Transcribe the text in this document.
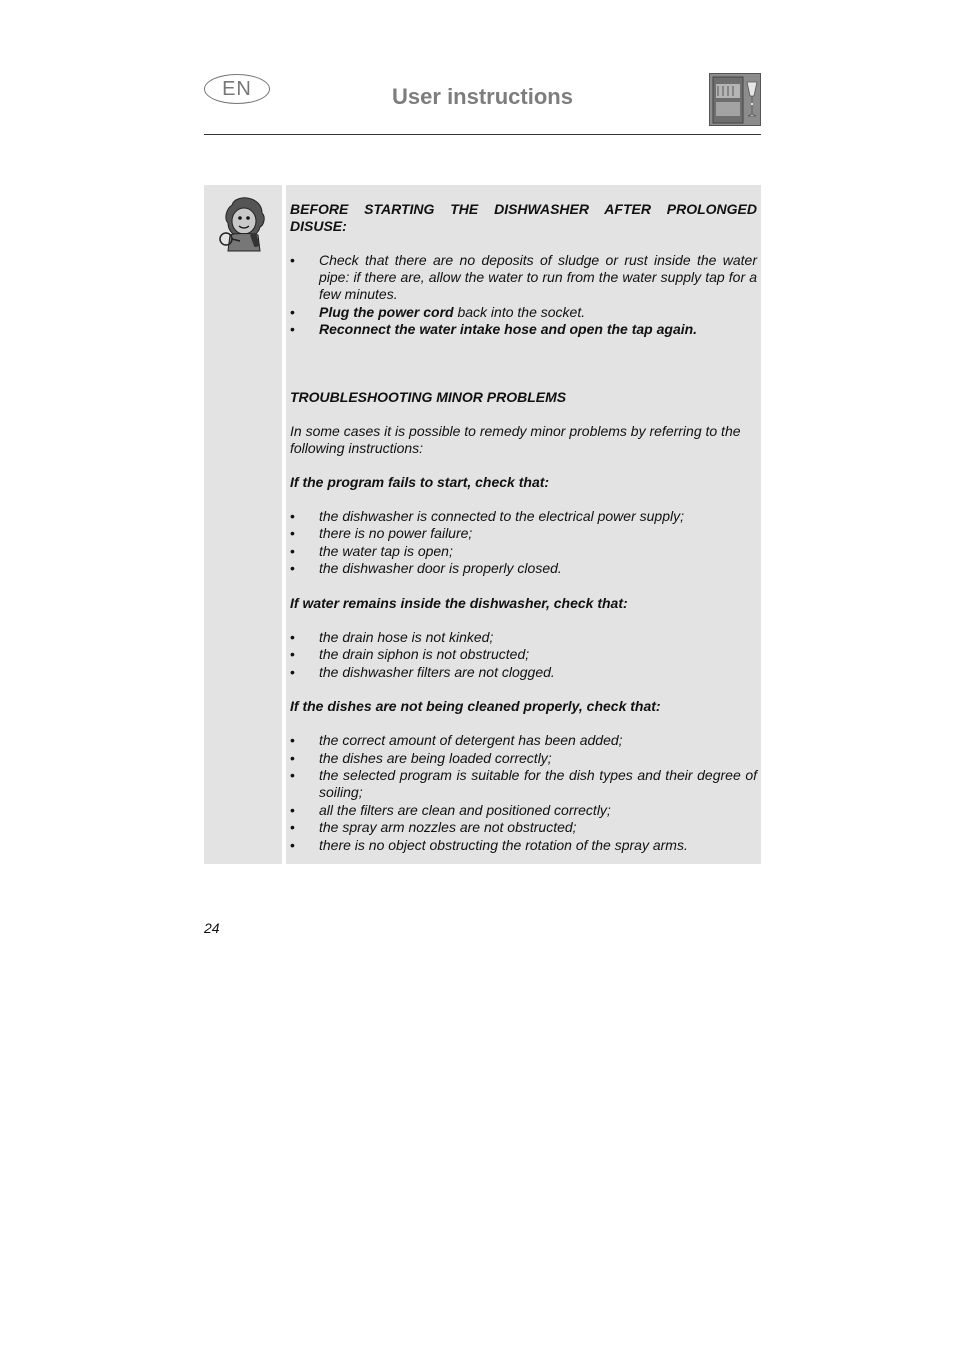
EN	User instructions

BEFORE STARTING THE DISHWASHER AFTER PROLONGED DISUSE:

• Check that there are no deposits of sludge or rust inside the water pipe: if there are, allow the water to run from the water supply tap for a few minutes.
• Plug the power cord back into the socket.
• Reconnect the water intake hose and open the tap again.

TROUBLESHOOTING MINOR PROBLEMS

In some cases it is possible to remedy minor problems by referring to the following instructions:

If the program fails to start, check that:

• the dishwasher is connected to the electrical power supply;
• there is no power failure;
• the water tap is open;
• the dishwasher door is properly closed.

If water remains inside the dishwasher, check that:

• the drain hose is not kinked;
• the drain siphon is not obstructed;
• the dishwasher filters are not clogged.

If the dishes are not being cleaned properly, check that:

• the correct amount of detergent has been added;
• the dishes are being loaded correctly;
• the selected program is suitable for the dish types and their degree of soiling;
• all the filters are clean and positioned correctly;
• the spray arm nozzles are not obstructed;
• there is no object obstructing the rotation of the spray arms.
24
